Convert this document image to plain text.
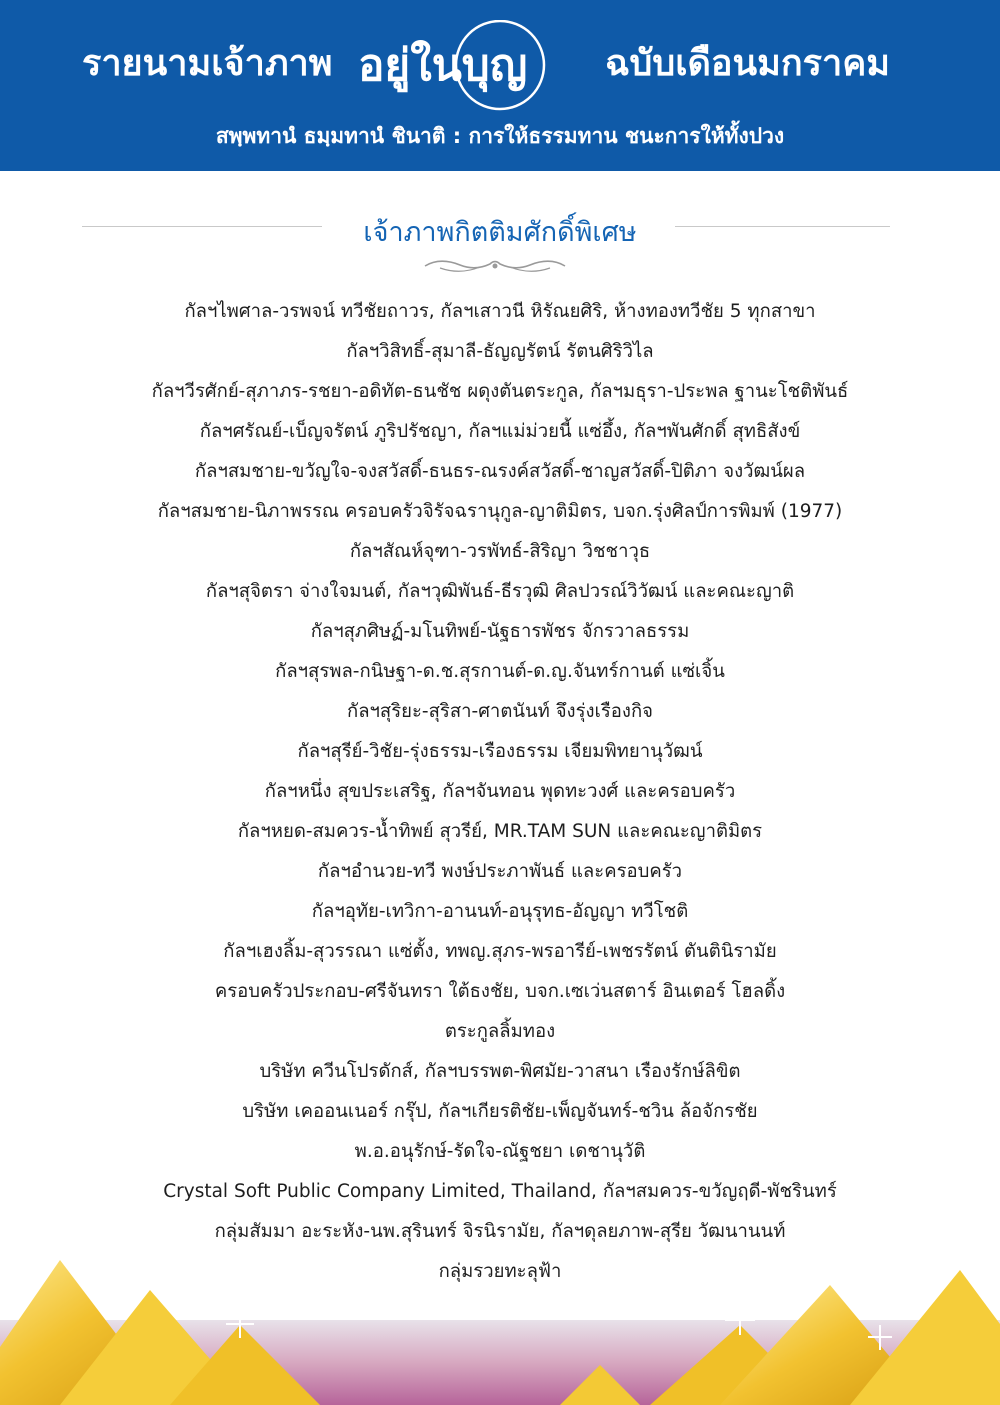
รายนามเจ้าภาพ อยู่ในบุญ ฉบับเดือนมกราคม
สพฺพทานํ ธมฺมทานํ ชินาติ : การให้ธรรมทาน ชนะการให้ทั้งปวง
เจ้าภาพกิตติมศักดิ์พิเศษ
กัลฯไพศาล-วรพจน์ ทวีชัยถาวร, กัลฯเสาวนี หิรัณยศิริ, ห้างทองทวีชัย 5 ทุกสาขา
กัลฯวิสิทธิ์-สุมาลี-ธัญญรัตน์ รัตนศิริวิไล
กัลฯวีรศักย์-สุภาภร-รชยา-อดิทัต-ธนชัช ผดุงตันตระกูล, กัลฯมธุรา-ประพล ฐานะโชติพันธ์
กัลฯศรัณย์-เบ็ญจรัตน์ ภูริปรัชญา, กัลฯแม่ม่วยนี้ แซ่อึ้ง, กัลฯพันศักดิ์ สุทธิสังข์
กัลฯสมชาย-ขวัญใจ-จงสวัสดิ์-ธนธร-ณรงค์สวัสดิ์-ชาญสวัสดิ์-ปิติภา จงวัฒน์ผล
กัลฯสมชาย-นิภาพรรณ ครอบครัวจิรัจฉรานุกูล-ญาติมิตร, บจก.รุ่งศิลป์การพิมพ์ (1977)
กัลฯสัณห์จุฑา-วรพัทธ์-สิริญา วิชชาวุธ
กัลฯสุจิตรา จ่างใจมนต์, กัลฯวุฒิพันธ์-ธีรวุฒิ ศิลปวรณ์วิวัฒน์ และคณะญาติ
กัลฯสุภศิษฏ์-มโนทิพย์-นัฐธารพัชร จักรวาลธรรม
กัลฯสุรพล-กนิษฐา-ด.ช.สุรกานต์-ด.ญ.จันทร์กานต์ แซ่เจิ้น
กัลฯสุริยะ-สุริสา-ศาตนันท์ จึงรุ่งเรืองกิจ
กัลฯสุรีย์-วิชัย-รุ่งธรรม-เรืองธรรม เจียมพิทยานุวัฒน์
กัลฯหนึ่ง สุขประเสริฐ, กัลฯจันทอน พุดทะวงศ์ และครอบครัว
กัลฯหยด-สมควร-น้ำทิพย์ สุวรีย์, MR.TAM SUN และคณะญาติมิตร
กัลฯอำนวย-ทวี พงษ์ประภาพันธ์ และครอบครัว
กัลฯอุทัย-เทวิกา-อานนท์-อนุรุทธ-อัญญา ทวีโชติ
กัลฯเฮงลิ้ม-สุวรรณา แซ่ตั้ง, ทพญ.สุภร-พรอารีย์-เพชรรัตน์ ตันตินิรามัย
ครอบครัวประกอบ-ศรีจันทรา ใต้ธงชัย, บจก.เซเว่นสตาร์ อินเตอร์ โฮลดิ้ง
ตระกูลลิ้มทอง
บริษัท ควีนโปรดักส์, กัลฯบรรพต-พิศมัย-วาสนา เรืองรักษ์ลิขิต
บริษัท เคออนเนอร์ กรุ๊ป, กัลฯเกียรติชัย-เพ็ญจันทร์-ชวิน ล้อจักรชัย
พ.อ.อนุรักษ์-รัดใจ-ณัฐชยา เดชานุวัติ
Crystal Soft Public Company Limited, Thailand, กัลฯสมควร-ขวัญฤดี-พัชรินทร์
กลุ่มสัมมา อะระหัง-นพ.สุรินทร์ จิรนิรามัย, กัลฯดุลยภาพ-สุรีย วัฒนานนท์
กลุ่มรวยทะลุฟ้า
